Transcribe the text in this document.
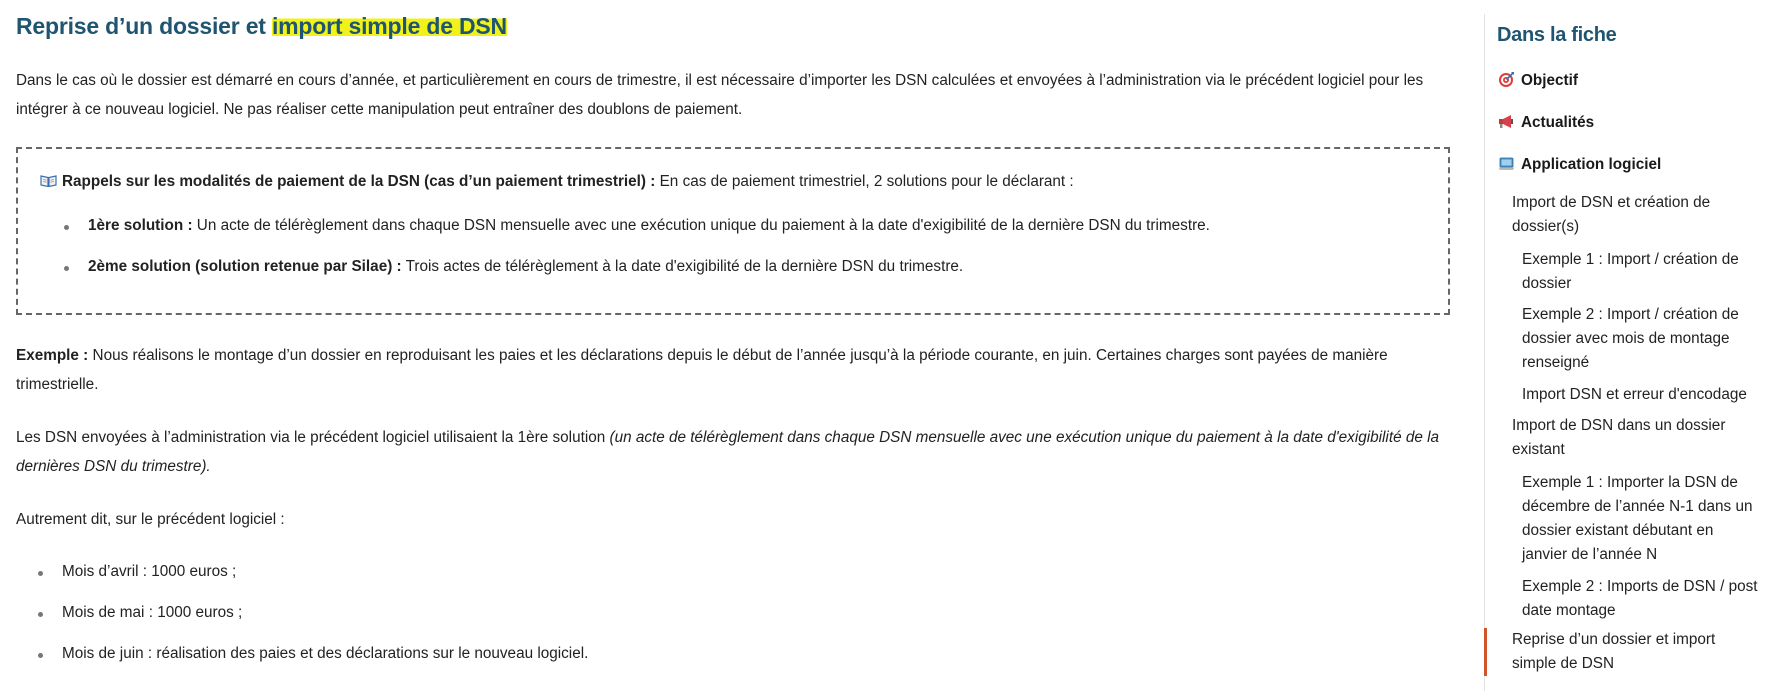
Reprise d’un dossier et import simple de DSN

Dans le cas où le dossier est démarré en cours d’année, et particulièrement en cours de trimestre, il est nécessaire d’importer les DSN calculées et envoyées à l’administration via le précédent logiciel pour les
intégrer à ce nouveau logiciel. Ne pas réaliser cette manipulation peut entraîner des doublons de paiement.

Rappels sur les modalités de paiement de la DSN (cas d’un paiement trimestriel) : En cas de paiement trimestriel, 2 solutions pour le déclarant :
1ère solution : Un acte de télérèglement dans chaque DSN mensuelle avec une exécution unique du paiement à la date d'exigibilité de la dernière DSN du trimestre.
2ème solution (solution retenue par Silae) : Trois actes de télérèglement à la date d'exigibilité de la dernière DSN du trimestre.

Exemple : Nous réalisons le montage d’un dossier en reproduisant les paies et les déclarations depuis le début de l’année jusqu’à la période courante, en juin. Certaines charges sont payées de manière
trimestrielle.

Les DSN envoyées à l’administration via le précédent logiciel utilisaient la 1ère solution (un acte de télérèglement dans chaque DSN mensuelle avec une exécution unique du paiement à la date d'exigibilité de la
dernières DSN du trimestre).

Autrement dit, sur le précédent logiciel :

Mois d’avril : 1000 euros ;
Mois de mai : 1000 euros ;
Mois de juin : réalisation des paies et des déclarations sur le nouveau logiciel.
Dans la fiche
Objectif
Actualités
Application logiciel
Import de DSN et création de dossier(s)
Exemple 1 : Import / création de dossier
Exemple 2 : Import / création de dossier avec mois de montage renseigné
Import DSN et erreur d'encodage
Import de DSN dans un dossier existant
Exemple 1 : Importer la DSN de décembre de l’année N-1 dans un dossier existant débutant en janvier de l’année N
Exemple 2 : Imports de DSN / post date montage
Reprise d’un dossier et import simple de DSN
